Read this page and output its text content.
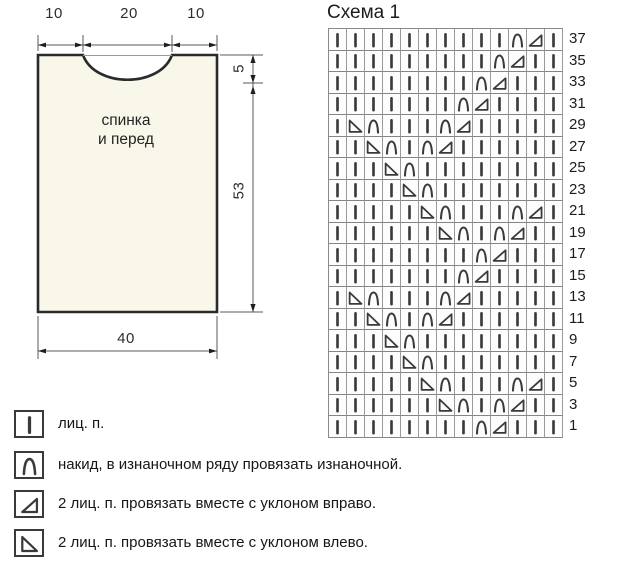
10	20	10
5
53
40
спинка
и перед
Схема 1
37
35
33
31
29
27
25
23
21
19
17
15
13
11
9
7
5
3
1
лиц. п.
накид, в изнаночном ряду провязать изнаночной.
2 лиц. п. провязать вместе с уклоном вправо.
2 лиц. п. провязать вместе с уклоном влево.
